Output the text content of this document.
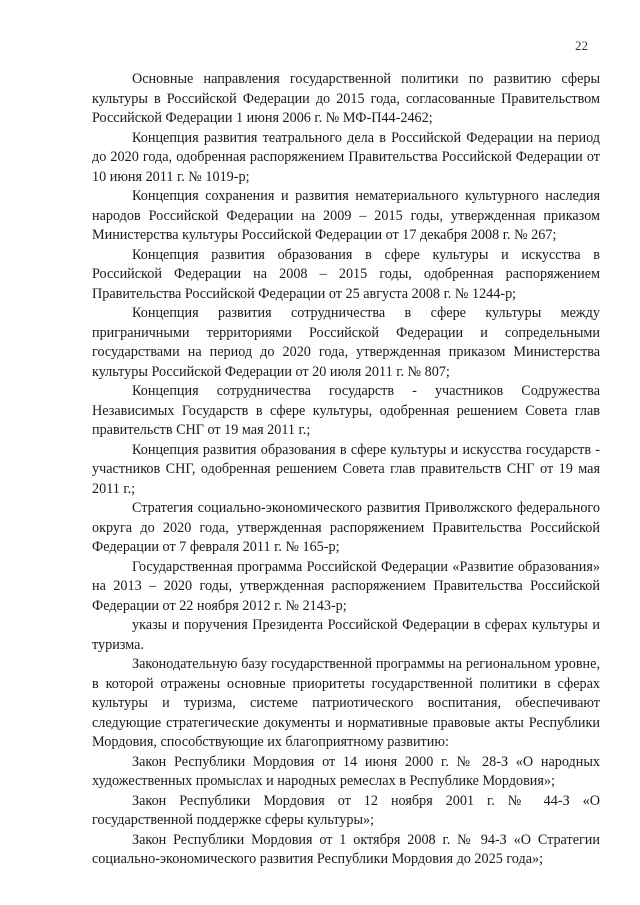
22

Основные направления государственной политики по развитию сферы культуры в Российской Федерации до 2015 года, согласованные Правительством Российской Федерации 1 июня 2006 г. № МФ-П44-2462;

Концепция развития театрального дела в Российской Федерации на период до 2020 года, одобренная распоряжением Правительства Российской Федерации от 10 июня 2011 г. № 1019-р;

Концепция сохранения и развития нематериального культурного наследия народов Российской Федерации на 2009 – 2015 годы, утвержденная приказом Министерства культуры Российской Федерации от 17 декабря 2008 г. № 267;

Концепция развития образования в сфере культуры и искусства в Российской Федерации на 2008 – 2015 годы, одобренная распоряжением Правительства Российской Федерации от 25 августа 2008 г. № 1244-р;

Концепция развития сотрудничества в сфере культуры между приграничными территориями Российской Федерации и сопредельными государствами на период до 2020 года, утвержденная приказом Министерства культуры Российской Федерации от 20 июля 2011 г. № 807;

Концепция сотрудничества государств - участников Содружества Независимых Государств в сфере культуры, одобренная решением Совета глав правительств СНГ от 19 мая 2011 г.;

Концепция развития образования в сфере культуры и искусства государств - участников СНГ, одобренная решением Совета глав правительств СНГ от 19 мая 2011 г.;

Стратегия социально-экономического развития Приволжского федерального округа до 2020 года, утвержденная распоряжением Правительства Российской Федерации от 7 февраля 2011 г. № 165-р;

Государственная программа Российской Федерации «Развитие образования» на 2013 – 2020 годы, утвержденная распоряжением Правительства Российской Федерации от 22 ноября 2012 г. № 2143-р;

указы и поручения Президента Российской Федерации в сферах культуры и туризма.

Законодательную базу государственной программы на региональном уровне, в которой отражены основные приоритеты государственной политики в сферах культуры и туризма, системе патриотического воспитания, обеспечивают следующие стратегические документы и нормативные правовые акты Республики Мордовия, способствующие их благоприятному развитию:

Закон Республики Мордовия от 14 июня 2000 г. № 28-З «О народных художественных промыслах и народных ремеслах в Республике Мордовия»;

Закон Республики Мордовия от 12 ноября 2001 г. № 44-З «О государственной поддержке сферы культуры»;

Закон Республики Мордовия от 1 октября 2008 г. № 94-З «О Стратегии социально-экономического развития Республики Мордовия до 2025 года»;
